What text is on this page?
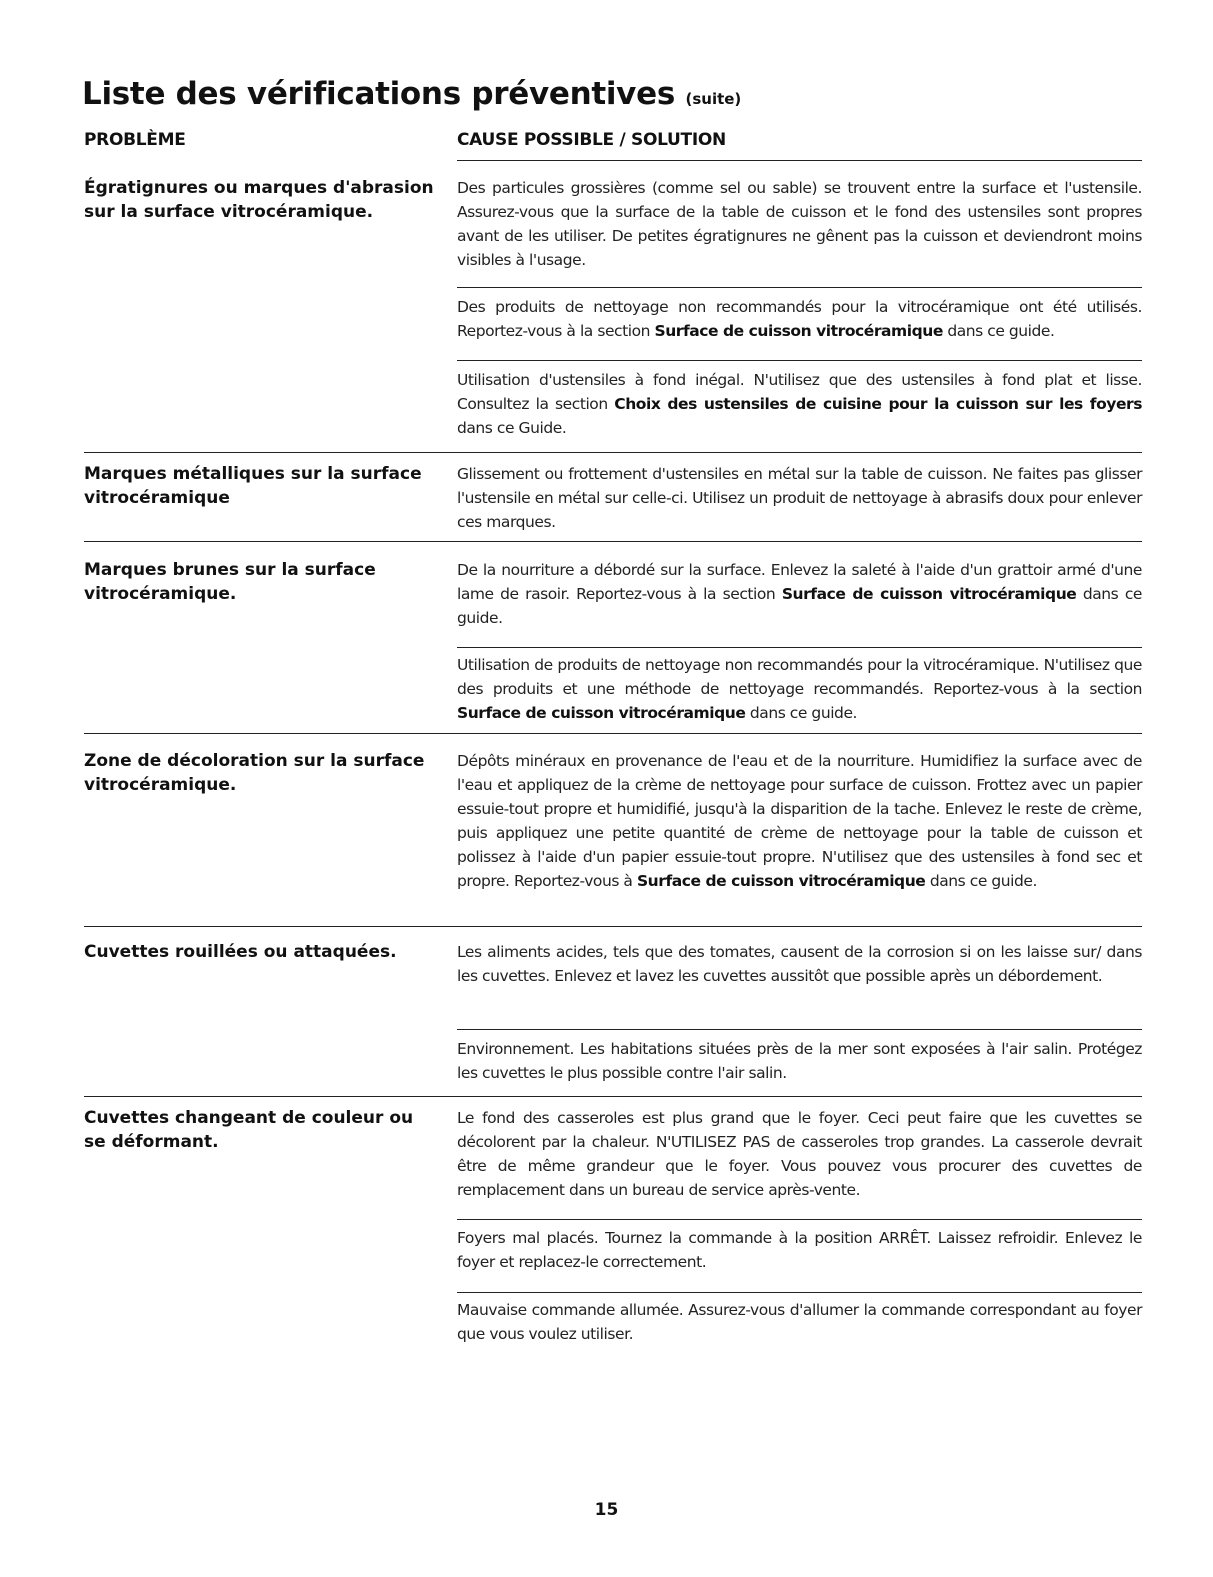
Liste des vérifications préventives (suite)

PROBLÈME	CAUSE POSSIBLE / SOLUTION

Égratignures ou marques d'abrasion sur la surface vitrocéramique.

Des particules grossières (comme sel ou sable) se trouvent entre la surface et l'ustensile. Assurez-vous que la surface de la table de cuisson et le fond des ustensiles sont propres avant de les utiliser. De petites égratignures ne gênent pas la cuisson et deviendront moins visibles à l'usage.

Des produits de nettoyage non recommandés pour la vitrocéramique ont été utilisés. Reportez-vous à la section Surface de cuisson vitrocéramique dans ce guide.

Utilisation d'ustensiles à fond inégal. N'utilisez que des ustensiles à fond plat et lisse. Consultez la section Choix des ustensiles de cuisine pour la cuisson sur les foyers dans ce Guide.

Marques métalliques sur la surface vitrocéramique

Glissement ou frottement d'ustensiles en métal sur la table de cuisson. Ne faites pas glisser l'ustensile en métal sur celle-ci. Utilisez un produit de nettoyage à abrasifs doux pour enlever ces marques.

Marques brunes sur la surface vitrocéramique.

De la nourriture a débordé sur la surface. Enlevez la saleté à l'aide d'un grattoir armé d'une lame de rasoir. Reportez-vous à la section Surface de cuisson vitrocéramique dans ce guide.

Utilisation de produits de nettoyage non recommandés pour la vitrocéramique. N'utilisez que des produits et une méthode de nettoyage recommandés. Reportez-vous à la section Surface de cuisson vitrocéramique dans ce guide.

Zone de décoloration sur la surface vitrocéramique.

Dépôts minéraux en provenance de l'eau et de la nourriture. Humidifiez la surface avec de l'eau et appliquez de la crème de nettoyage pour surface de cuisson. Frottez avec un papier essuie-tout propre et humidifié, jusqu'à la disparition de la tache. Enlevez le reste de crème, puis appliquez une petite quantité de crème de nettoyage pour la table de cuisson et polissez à l'aide d'un papier essuie-tout propre. N'utilisez que des ustensiles à fond sec et propre. Reportez-vous à Surface de cuisson vitrocéramique dans ce guide.

Cuvettes rouillées ou attaquées.	Les aliments acides, tels que des tomates, causent de la corrosion si on les laisse sur/ dans les cuvettes. Enlevez et lavez les cuvettes aussitôt que possible après un débordement.

Environnement. Les habitations situées près de la mer sont exposées à l'air salin. Protégez les cuvettes le plus possible contre l'air salin.

Cuvettes changeant de couleur ou se déformant.

Le fond des casseroles est plus grand que le foyer. Ceci peut faire que les cuvettes se décolorent par la chaleur. N'UTILISEZ PAS de casseroles trop grandes. La casserole devrait être de même grandeur que le foyer. Vous pouvez vous procurer des cuvettes de remplacement dans un bureau de service après-vente.

Foyers mal placés. Tournez la commande à la position ARRÊT. Laissez refroidir. Enlevez le foyer et replacez-le correctement.

Mauvaise commande allumée. Assurez-vous d'allumer la commande correspondant au foyer que vous voulez utiliser.

15
